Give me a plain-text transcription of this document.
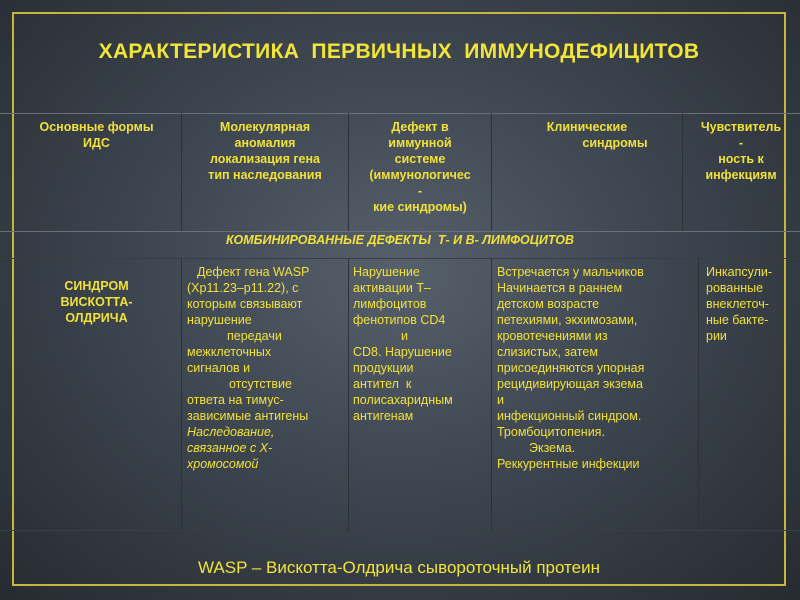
ХАРАКТЕРИСТИКА  ПЕРВИЧНЫХ  ИММУНОДЕФИЦИТОВ
Основные формы
ИДС
Молекулярная
аномалия
локализация гена
тип наследования
Дефект в
иммунной
системе
(иммунологичес
-
кие синдромы)
Клинические
синдромы
Чувствитель
-
ность к
инфекциям
КОМБИНИРОВАННЫЕ ДЕФЕКТЫ  Т- И В- ЛИМФОЦИТОВ
СИНДРОМ
ВИСКОТТА-
ОЛДРИЧА
Дефект гена WASP
(Xp11.23–p11.22), с
которым связывают
нарушение
передачи
межклеточных
сигналов и
отсутствие
ответа на тимус-
зависимые антигены
Наследование,
связанное с Х-
хромосомой
Нарушение
активации Т–
лимфоцитов
фенотипов CD4
и
CD8. Нарушение
продукции
антител  к
полисахаридным
антигенам
Встречается у мальчиков
Начинается в раннем
детском возрасте
петехиями, экхимозами,
кровотечениями из
слизистых, затем
присоединяются упорная
рецидивирующая экзема
и
инфекционный синдром.
Тромбоцитопения.
Экзема.
Реккурентные инфекции
Инкапсули-
рованные
внеклеточ-
ные бакте-
рии
WASP – Вискотта-Олдрича сывороточный протеин
